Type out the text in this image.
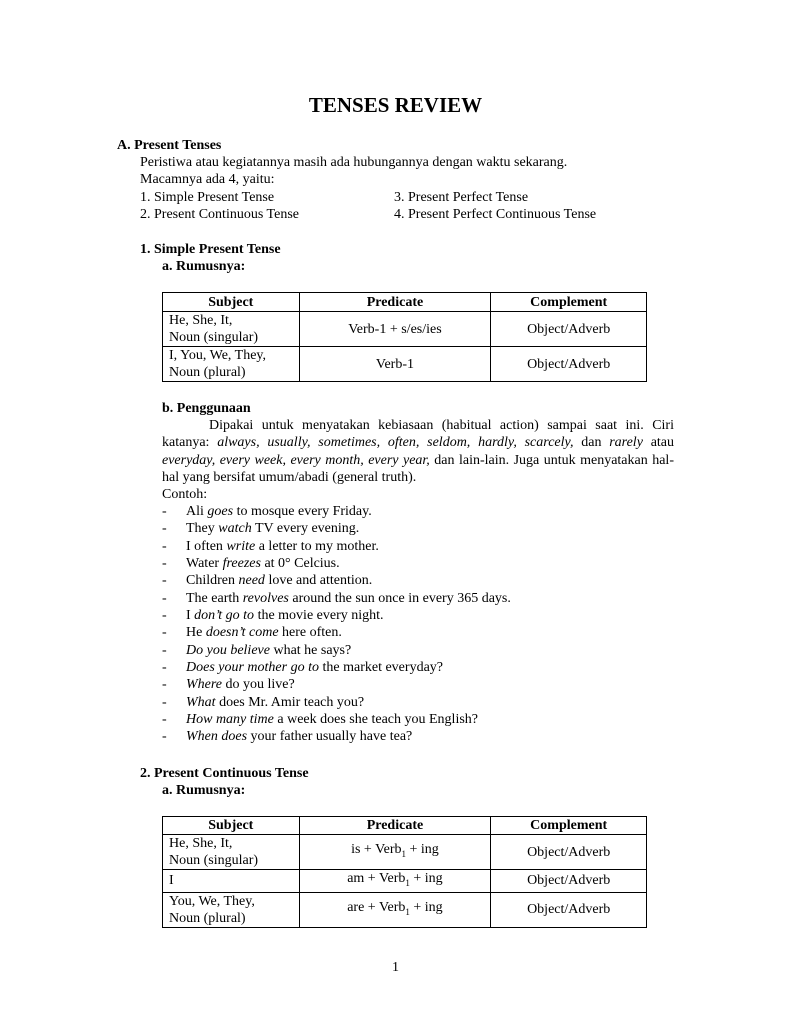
TENSES REVIEW

A. Present Tenses

Peristiwa atau kegiatannya masih ada hubungannya dengan waktu sekarang.

Macamnya ada 4, yaitu:

1. Simple Present Tense	3. Present Perfect Tense

2. Present Continuous Tense	4. Present Perfect Continuous Tense

1. Simple Present Tense

a. Rumusnya:

Subject	Predicate	Complement

He, She, It,
Noun (singular)	Verb-1 + s/es/ies	Object/Adverb

I, You, We, They,
Noun (plural)	Verb-1	Object/Adverb

b. Penggunaan

Dipakai untuk menyatakan kebiasaan (habitual action) sampai saat ini. Ciri katanya: always, usually, sometimes, often, seldom, hardly, scarcely, dan rarely atau everyday, every week, every month, every year, dan lain-lain. Juga untuk menyatakan hal-hal yang bersifat umum/abadi (general truth).

Contoh:

- Ali goes to mosque every Friday.
- They watch TV every evening.
- I often write a letter to my mother.
- Water freezes at 0° Celcius.
- Children need love and attention.
- The earth revolves around the sun once in every 365 days.
- I don’t go to the movie every night.
- He doesn’t come here often.
- Do you believe what he says?
- Does your mother go to the market everyday?
- Where do you live?
- What does Mr. Amir teach you?
- How many time a week does she teach you English?
- When does your father usually have tea?

2. Present Continuous Tense

a. Rumusnya:

Subject	Predicate	Complement

He, She, It,
Noun (singular)	is + Verb$_1$ + ing	Object/Adverb

I	am + Verb$_1$ + ing	Object/Adverb

You, We, They,
Noun (plural)	are + Verb$_1$ + ing	Object/Adverb
1
